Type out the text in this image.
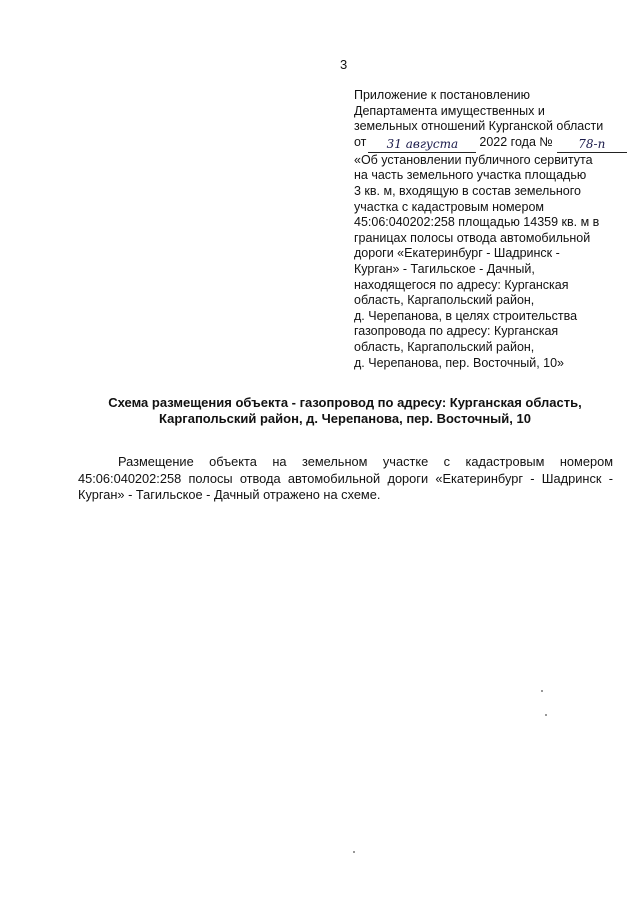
3
Приложение к постановлению
Департамента имущественных и
земельных отношений Курганской области
от 31 августа 2022 года № 78-п
«Об установлении публичного сервитута
на часть земельного участка площадью
3 кв. м, входящую в состав земельного
участка с кадастровым номером
45:06:040202:258 площадью 14359 кв. м в
границах полосы отвода автомобильной
дороги «Екатеринбург - Шадринск -
Курган» - Тагильское - Дачный,
находящегося по адресу: Курганская
область, Каргапольский район,
д. Черепанова, в целях строительства
газопровода по адресу: Курганская
область, Каргапольский район,
д. Черепанова, пер. Восточный, 10»
Схема размещения объекта - газопровод по адресу: Курганская область,
Каргапольский район, д. Черепанова, пер. Восточный, 10
Размещение объекта на земельном участке с кадастровым номером
45:06:040202:258 полосы отвода автомобильной дороги «Екатеринбург - Шадринск -
Курган» - Тагильское - Дачный отражено на схеме.
